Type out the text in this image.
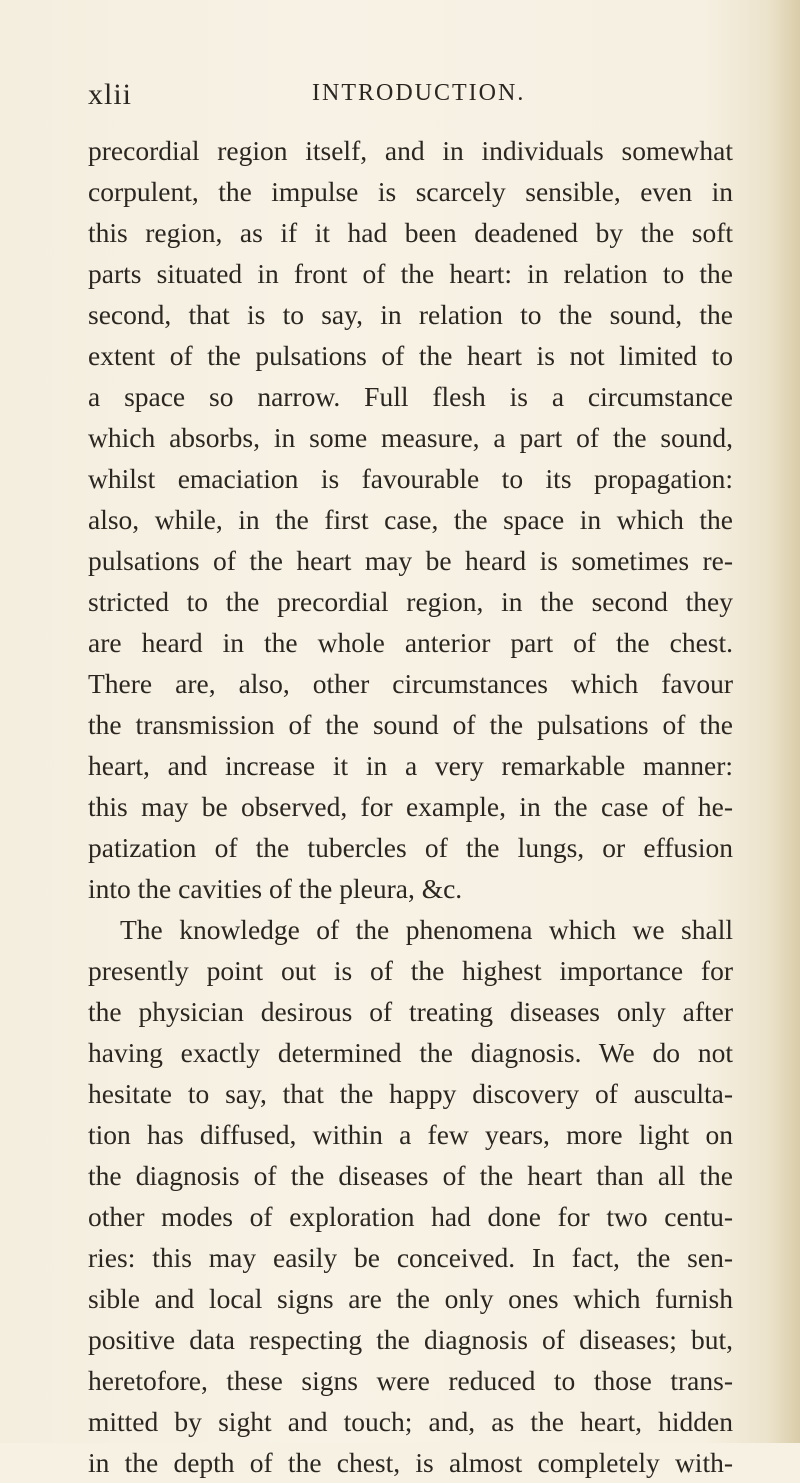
xlii	INTRODUCTION.
precordial region itself, and in individuals somewhat
corpulent, the impulse is scarcely sensible, even in
this region, as if it had been deadened by the soft
parts situated in front of the heart: in relation to the
second, that is to say, in relation to the sound, the
extent of the pulsations of the heart is not limited to
a space so narrow. Full flesh is a circumstance
which absorbs, in some measure, a part of the sound,
whilst emaciation is favourable to its propagation:
also, while, in the first case, the space in which the
pulsations of the heart may be heard is sometimes re-
stricted to the precordial region, in the second they
are heard in the whole anterior part of the chest.
There are, also, other circumstances which favour
the transmission of the sound of the pulsations of the
heart, and increase it in a very remarkable manner:
this may be observed, for example, in the case of he-
patization of the tubercles of the lungs, or effusion
into the cavities of the pleura, &c.
The knowledge of the phenomena which we shall
presently point out is of the highest importance for
the physician desirous of treating diseases only after
having exactly determined the diagnosis. We do not
hesitate to say, that the happy discovery of ausculta-
tion has diffused, within a few years, more light on
the diagnosis of the diseases of the heart than all the
other modes of exploration had done for two centu-
ries: this may easily be conceived. In fact, the sen-
sible and local signs are the only ones which furnish
positive data respecting the diagnosis of diseases; but,
heretofore, these signs were reduced to those trans-
mitted by sight and touch; and, as the heart, hidden
in the depth of the chest, is almost completely with-
